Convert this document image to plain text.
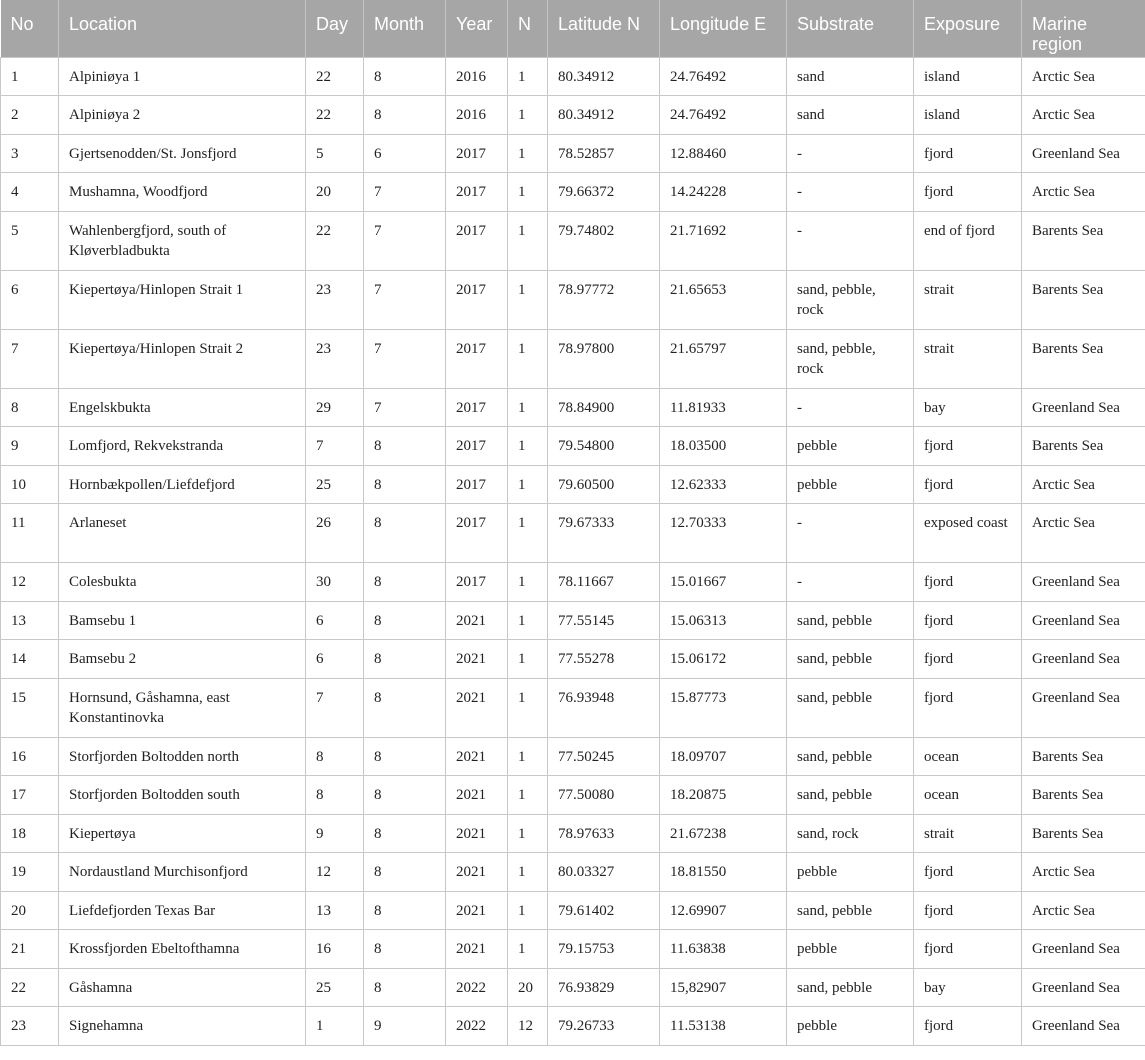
No	Location	Day	Month	Year	N	Latitude N	Longitude E	Substrate	Exposure	Marine region

1	Alpiniøya 1	22	8	2016	1	80.34912	24.76492	sand	island	Arctic Sea

2	Alpiniøya 2	22	8	2016	1	80.34912	24.76492	sand	island	Arctic Sea

3	Gjertsenodden/St. Jonsfjord	5	6	2017	1	78.52857	12.88460	-	fjord	Greenland Sea

4	Mushamna, Woodfjord	20	7	2017	1	79.66372	14.24228	-	fjord	Arctic Sea

5	Wahlenbergfjord, south of Kløverbladbukta	22	7	2017	1	79.74802	21.71692	-	end of fjord	Barents Sea

6	Kiepertøya/Hinlopen Strait 1	23	7	2017	1	78.97772	21.65653	sand, pebble, rock	strait	Barents Sea

7	Kiepertøya/Hinlopen Strait 2	23	7	2017	1	78.97800	21.65797	sand, pebble, rock	strait	Barents Sea

8	Engelskbukta	29	7	2017	1	78.84900	11.81933	-	bay	Greenland Sea

9	Lomfjord, Rekvekstranda	7	8	2017	1	79.54800	18.03500	pebble	fjord	Barents Sea

10	Hornbækpollen/Liefdefjord	25	8	2017	1	79.60500	12.62333	pebble	fjord	Arctic Sea

11	Arlaneset	26	8	2017	1	79.67333	12.70333	-	exposed coast	Arctic Sea

12	Colesbukta	30	8	2017	1	78.11667	15.01667	-	fjord	Greenland Sea

13	Bamsebu 1	6	8	2021	1	77.55145	15.06313	sand, pebble	fjord	Greenland Sea

14	Bamsebu 2	6	8	2021	1	77.55278	15.06172	sand, pebble	fjord	Greenland Sea

15	Hornsund, Gåshamna, east Konstantinovka	7	8	2021	1	76.93948	15.87773	sand, pebble	fjord	Greenland Sea

16	Storfjorden Boltodden north	8	8	2021	1	77.50245	18.09707	sand, pebble	ocean	Barents Sea

17	Storfjorden Boltodden south	8	8	2021	1	77.50080	18.20875	sand, pebble	ocean	Barents Sea

18	Kiepertøya	9	8	2021	1	78.97633	21.67238	sand, rock	strait	Barents Sea

19	Nordaustland Murchisonfjord	12	8	2021	1	80.03327	18.81550	pebble	fjord	Arctic Sea

20	Liefdefjorden Texas Bar	13	8	2021	1	79.61402	12.69907	sand, pebble	fjord	Arctic Sea

21	Krossfjorden Ebeltofthamna	16	8	2021	1	79.15753	11.63838	pebble	fjord	Greenland Sea

22	Gåshamna	25	8	2022	20	76.93829	15,82907	sand, pebble	bay	Greenland Sea

23	Signehamna	1	9	2022	12	79.26733	11.53138	pebble	fjord	Greenland Sea
